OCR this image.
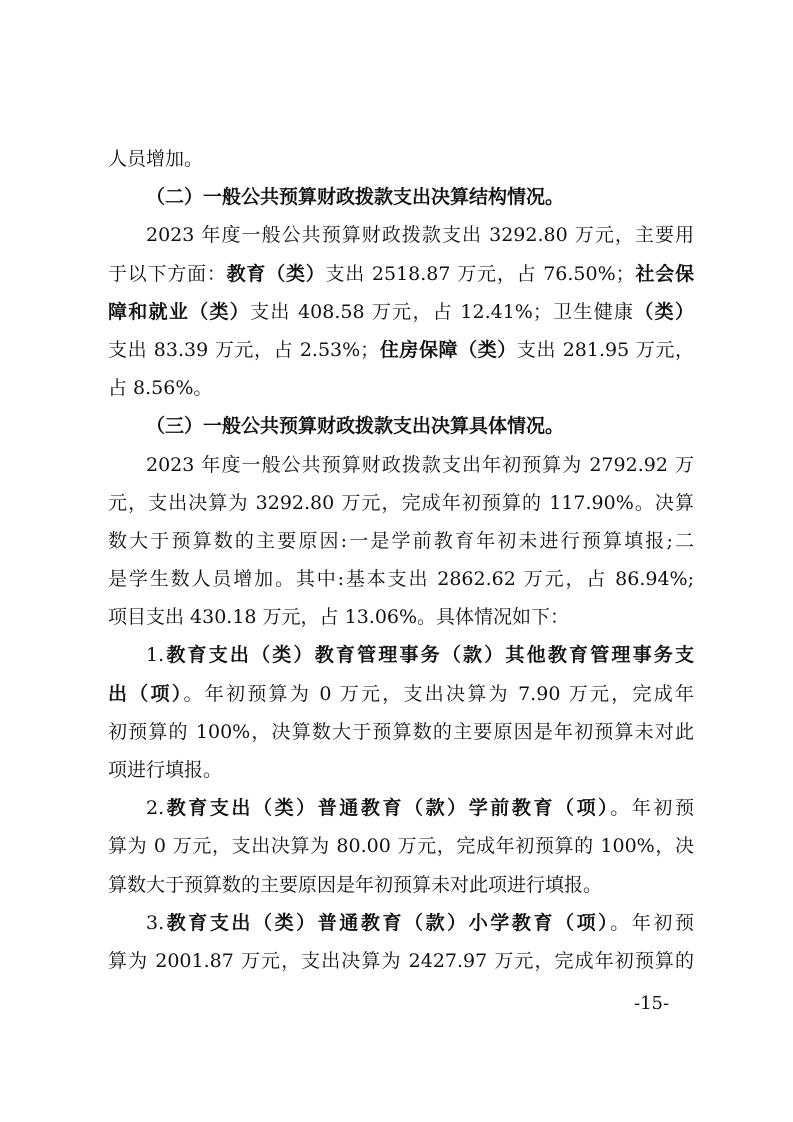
人员增加。
（二）一般公共预算财政拨款支出决算结构情况。
2023 年度一般公共预算财政拨款支出 3292.80 万元，主要用
于以下方面：教育（类）支出 2518.87 万元，占 76.50%；社会保
障和就业（类）支出 408.58 万元，占 12.41%；卫生健康（类）
支出 83.39 万元，占 2.53%；住房保障（类）支出 281.95 万元，
占 8.56%。
（三）一般公共预算财政拨款支出决算具体情况。
2023 年度一般公共预算财政拨款支出年初预算为 2792.92 万
元，支出决算为 3292.80 万元，完成年初预算的 117.90%。决算
数大于预算数的主要原因:一是学前教育年初未进行预算填报;二
是学生数人员增加。其中:基本支出 2862.62 万元，占 86.94%;
项目支出 430.18 万元，占 13.06%。具体情况如下：
1.教育支出（类）教育管理事务（款）其他教育管理事务支
出（项）。年初预算为 0 万元，支出决算为 7.90 万元，完成年
初预算的 100%，决算数大于预算数的主要原因是年初预算未对此
项进行填报。
2.教育支出（类）普通教育（款）学前教育（项）。年初预
算为 0 万元，支出决算为 80.00 万元，完成年初预算的 100%，决
算数大于预算数的主要原因是年初预算未对此项进行填报。
3.教育支出（类）普通教育（款）小学教育（项）。年初预
算为 2001.87 万元，支出决算为 2427.97 万元，完成年初预算的
-15-
